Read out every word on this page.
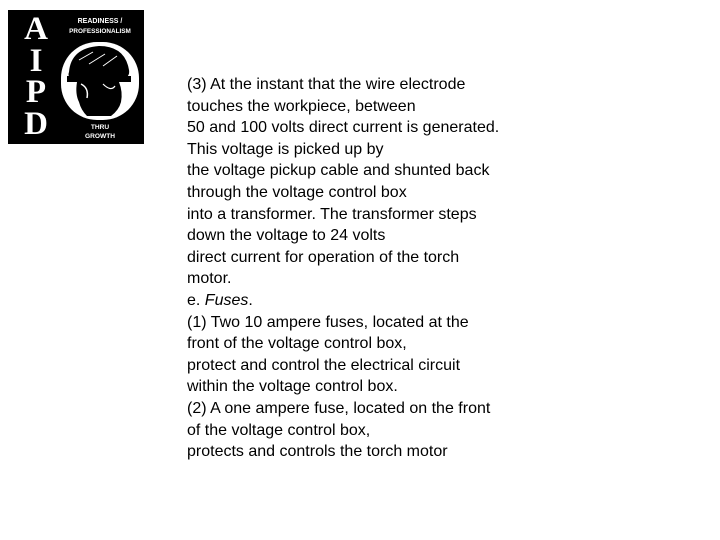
A
I
P
D
READINESS /
PROFESSIONALISM
THRU
GROWTH
(3) At the instant that the wire electrode
touches the workpiece, between
50 and 100 volts direct current is generated.
This voltage is picked up by
the voltage pickup cable and shunted back
through the voltage control box
into a transformer. The transformer steps
down the voltage to 24 volts
direct current for operation of the torch
motor.
e. Fuses.
(1) Two 10 ampere fuses, located at the
front of the voltage control box,
protect and control the electrical circuit
within the voltage control box.
(2) A one ampere fuse, located on the front
of the voltage control box,
protects and controls the torch motor
